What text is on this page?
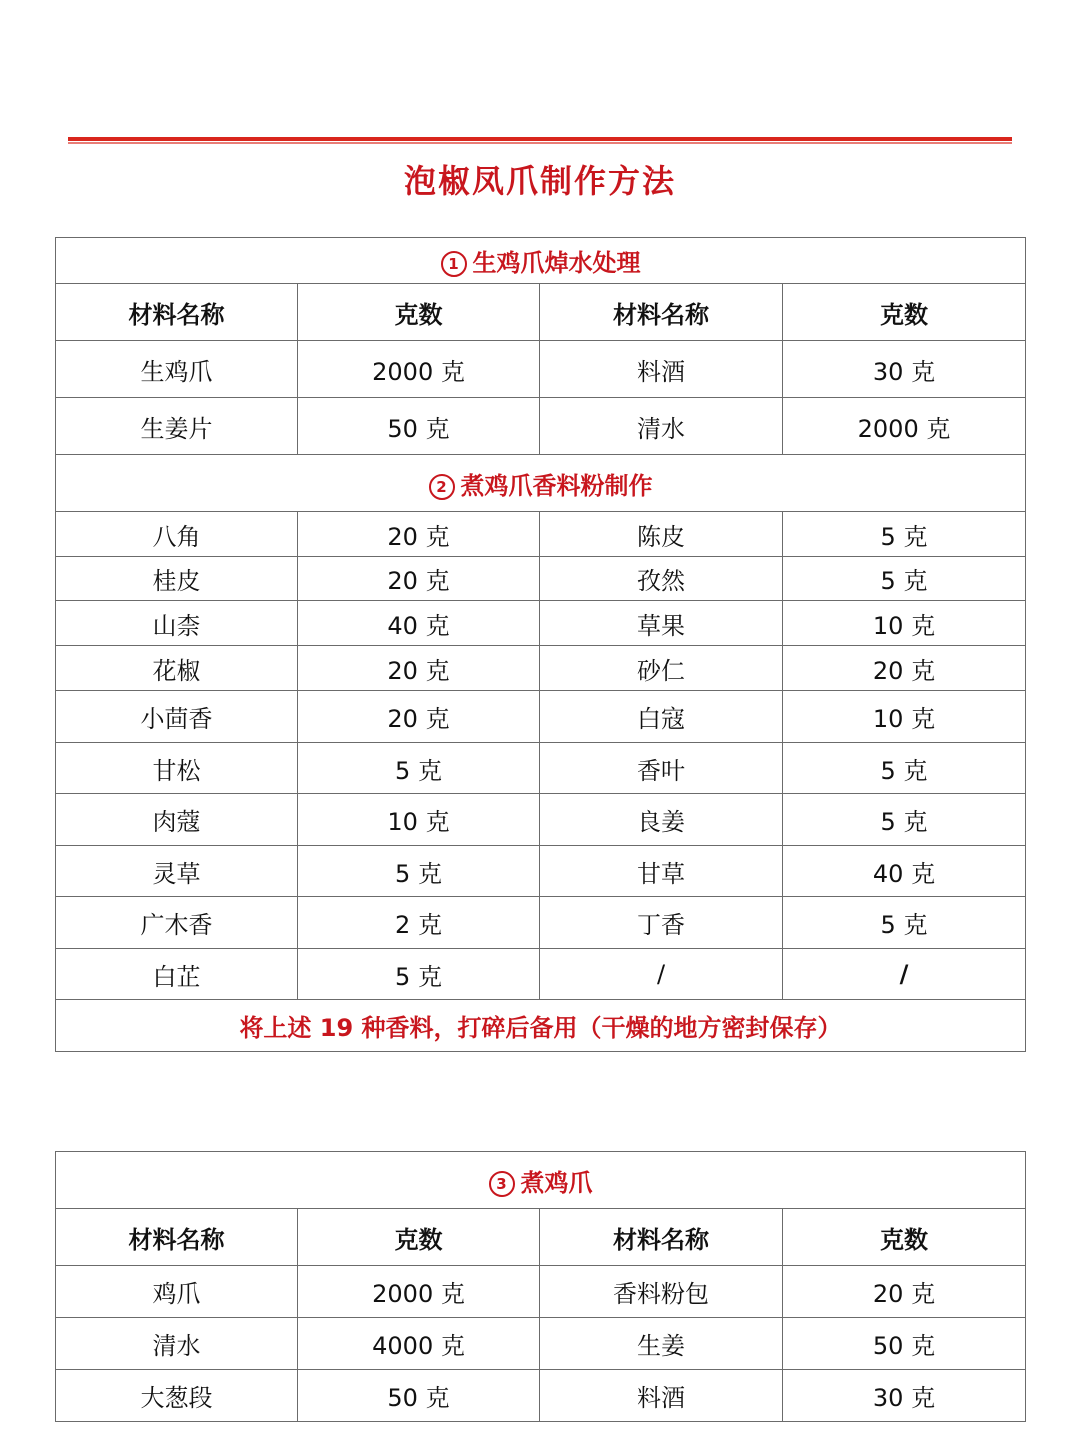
泡椒凤爪制作方法
1 生鸡爪焯水处理			
材料名称	克数	材料名称	克数
生鸡爪	2000 克	料酒	30 克
生姜片	50 克	清水	2000 克
2 煮鸡爪香料粉制作			
八角	20 克	陈皮	5 克
桂皮	20 克	孜然	5 克
山柰	40 克	草果	10 克
花椒	20 克	砂仁	20 克
小茴香	20 克	白寇	10 克
甘松	5 克	香叶	5 克
肉蔻	10 克	良姜	5 克
灵草	5 克	甘草	40 克
广木香	2 克	丁香	5 克
白芷	5 克	/	/
将上述 19 种香料，打碎后备用（干燥的地方密封保存）			
3 煮鸡爪			
材料名称	克数	材料名称	克数
鸡爪	2000 克	香料粉包	20 克
清水	4000 克	生姜	50 克
大葱段	50 克	料酒	30 克
